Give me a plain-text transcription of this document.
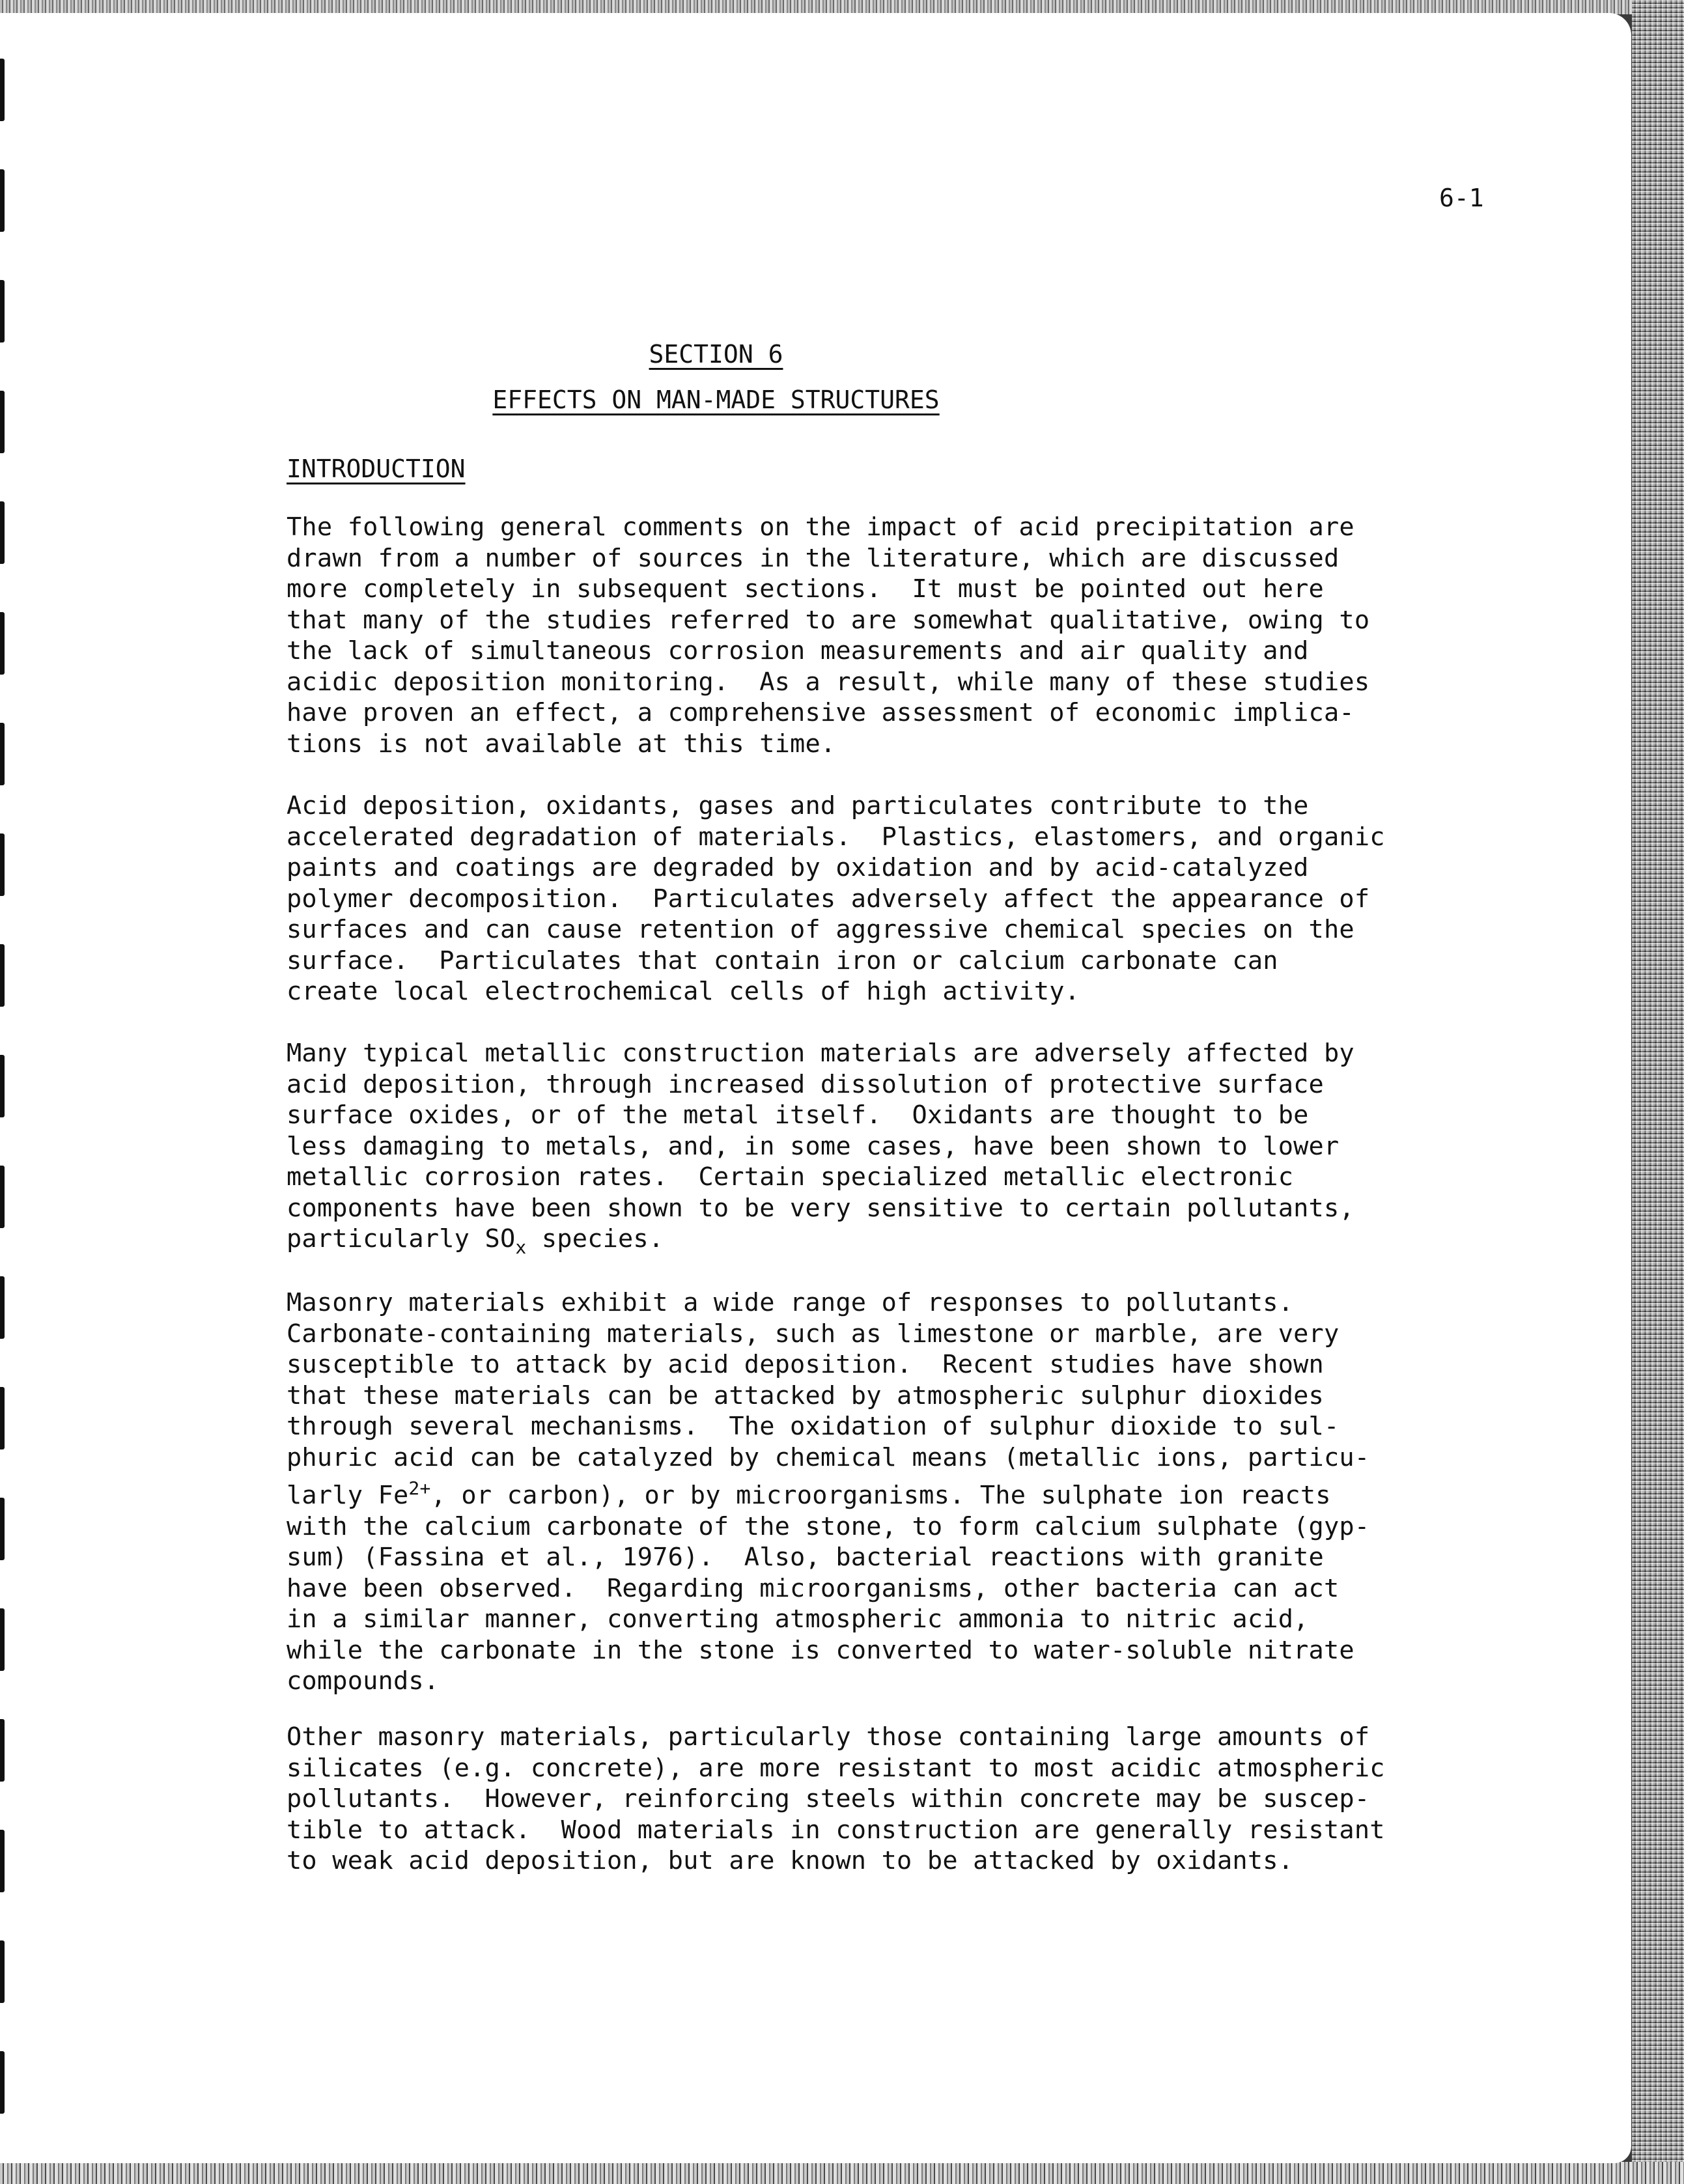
6-1
SECTION 6
EFFECTS ON MAN-MADE STRUCTURES
INTRODUCTION
The following general comments on the impact of acid precipitation are
drawn from a number of sources in the literature, which are discussed
more completely in subsequent sections.  It must be pointed out here
that many of the studies referred to are somewhat qualitative, owing to
the lack of simultaneous corrosion measurements and air quality and
acidic deposition monitoring.  As a result, while many of these studies
have proven an effect, a comprehensive assessment of economic implica-
tions is not available at this time.
Acid deposition, oxidants, gases and particulates contribute to the
accelerated degradation of materials.  Plastics, elastomers, and organic
paints and coatings are degraded by oxidation and by acid-catalyzed
polymer decomposition.  Particulates adversely affect the appearance of
surfaces and can cause retention of aggressive chemical species on the
surface.  Particulates that contain iron or calcium carbonate can
create local electrochemical cells of high activity.
Many typical metallic construction materials are adversely affected by
acid deposition, through increased dissolution of protective surface
surface oxides, or of the metal itself.  Oxidants are thought to be
less damaging to metals, and, in some cases, have been shown to lower
metallic corrosion rates.  Certain specialized metallic electronic
components have been shown to be very sensitive to certain pollutants,
particularly $SO_x$ species.
Masonry materials exhibit a wide range of responses to pollutants.
Carbonate-containing materials, such as limestone or marble, are very
susceptible to attack by acid deposition.  Recent studies have shown
that these materials can be attacked by atmospheric sulphur dioxides
through several mechanisms.  The oxidation of sulphur dioxide to sul-
phuric acid can be catalyzed by chemical means (metallic ions, particu-
larly $Fe^{2+}$, or carbon), or by microorganisms. The sulphate ion reacts
with the calcium carbonate of the stone, to form calcium sulphate (gyp-
sum) (Fassina et al., 1976).  Also, bacterial reactions with granite
have been observed.  Regarding microorganisms, other bacteria can act
in a similar manner, converting atmospheric ammonia to nitric acid,
while the carbonate in the stone is converted to water-soluble nitrate
compounds.
Other masonry materials, particularly those containing large amounts of
silicates (e.g. concrete), are more resistant to most acidic atmospheric
pollutants.  However, reinforcing steels within concrete may be suscep-
tible to attack.  Wood materials in construction are generally resistant
to weak acid deposition, but are known to be attacked by oxidants.
